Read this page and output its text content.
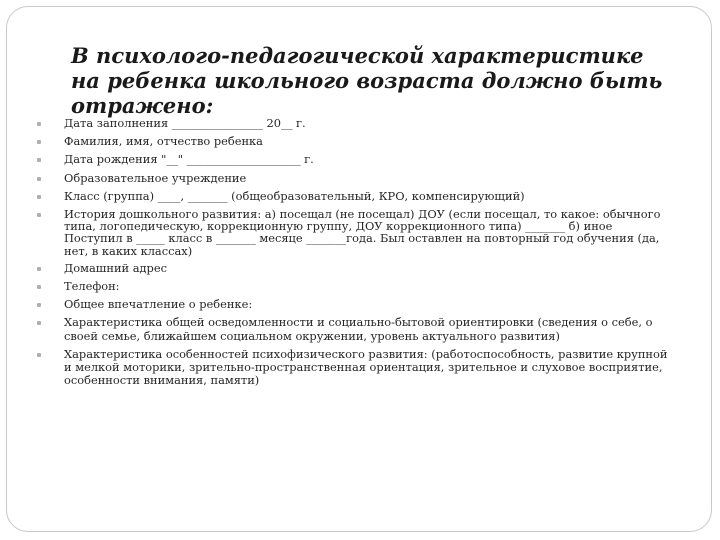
В психолого-педагогической характеристике на ребенка школьного возраста должно быть отражено:
Дата заполнения ________________ 20__ г.
Фамилия, имя, отчество ребенка
Дата рождения "__" ____________________ г.
Образовательное учреждение
Класс (группа) ____, _______ (общеобразовательный, КРО, компенсирующий)
История дошкольного развития: а) посещал (не посещал) ДОУ (если посещал, то какое: обычного типа, логопедическую, коррекционную группу, ДОУ коррекционного типа) _______ б) иное Поступил в _____ класс в _______ месяце _______года. Был оставлен на повторный год обучения (да, нет, в каких классах)
Домашний адрес
Телефон:
Общее впечатление о ребенке:
Характеристика общей осведомленности и социально-бытовой ориентировки (сведения о себе, о своей семье, ближайшем социальном окружении, уровень актуального развития)
Характеристика особенностей психофизического развития: (работоспособность, развитие крупной и мелкой моторики, зрительно-пространственная ориентация, зрительное и слуховое восприятие, особенности внимания, памяти)
